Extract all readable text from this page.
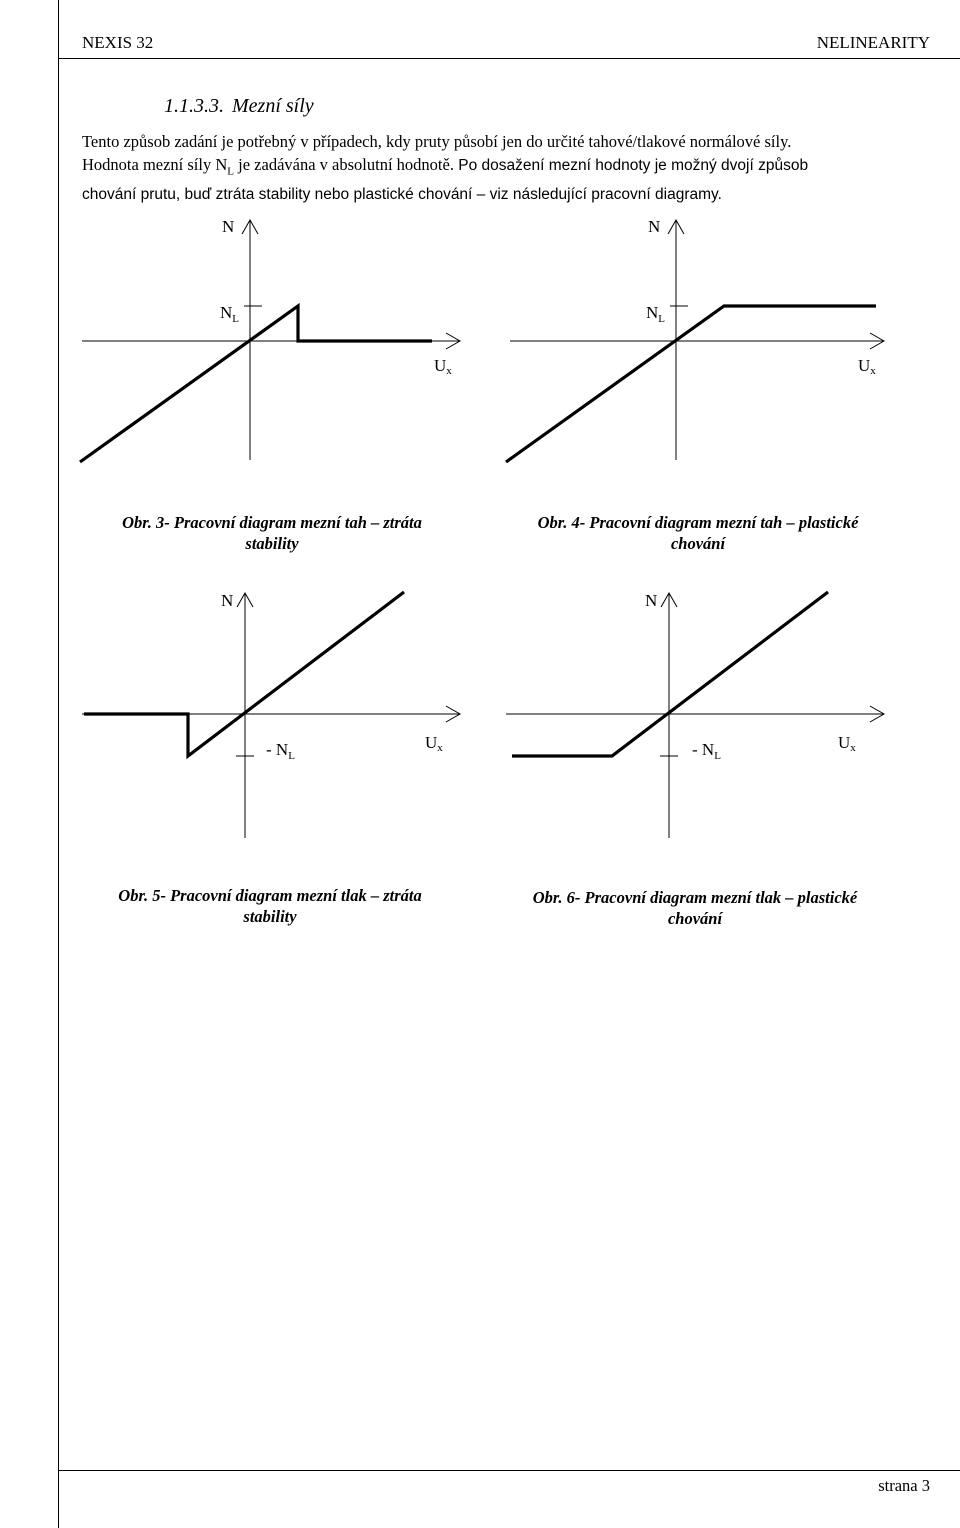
NEXIS 32	NELINEARITY
1.1.3.3. Mezní síly
Tento způsob zadání je potřebný v případech, kdy pruty působí jen do určité tahové/tlakové normálové síly.
Hodnota mezní síly $N_L$ je zadávána v absolutní hodnotě. Po dosažení mezní hodnoty je možný dvojí způsob
chování prutu, buď ztráta stability nebo plastické chování – viz následující pracovní diagramy.
N
$N_L$
Ux
N
$N_L$
Ux
N
- $N_L$
Ux
N
- $N_L$
Ux
Obr. 3- Pracovní diagram mezní tah – ztráta
stability
Obr. 4- Pracovní diagram mezní tah – plastické
chování
Obr. 5- Pracovní diagram mezní tlak – ztráta
stability
Obr. 6- Pracovní diagram mezní tlak – plastické
chování
strana 3
